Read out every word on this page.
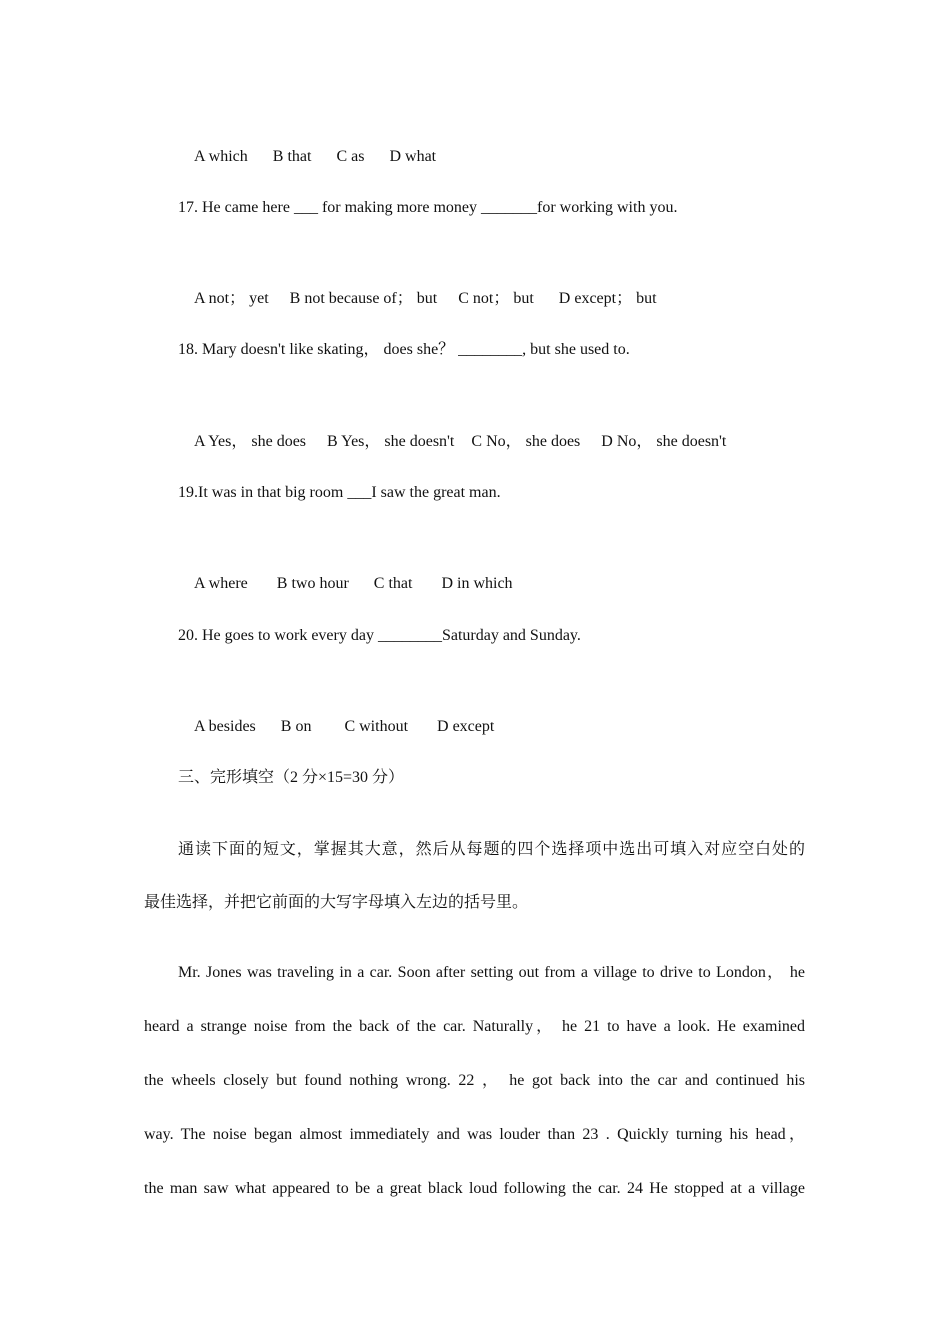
A which B that C as D what

17. He came here ___ for making more money _______for working with you.

A not； yet B not because of； but C not； but D except； but

18. Mary doesn't like skating， does she？ ________, but she used to.

A Yes， she does B Yes， she doesn't C No， she does D No， she doesn't

19.It was in that big room ___I saw the great man.

A where B two hour C that D in which

20. He goes to work every day ________Saturday and Sunday.

A besides B on C without D except

三、完形填空（2 分×15=30 分）
通读下面的短文，掌握其大意，然后从每题的四个选择项中选出可填入对应空白处的
最佳选择，并把它前面的大写字母填入左边的括号里。
Mr. Jones was traveling in a car. Soon after setting out from a village to drive to London， he
heard a strange noise from the back of the car. Naturally， he 21 to have a look. He examined
the wheels closely but found nothing wrong. 22 ， he got back into the car and continued his
way. The noise began almost immediately and was louder than 23 . Quickly turning his head，
the man saw what appeared to be a great black loud following the car. 24 He stopped at a village
